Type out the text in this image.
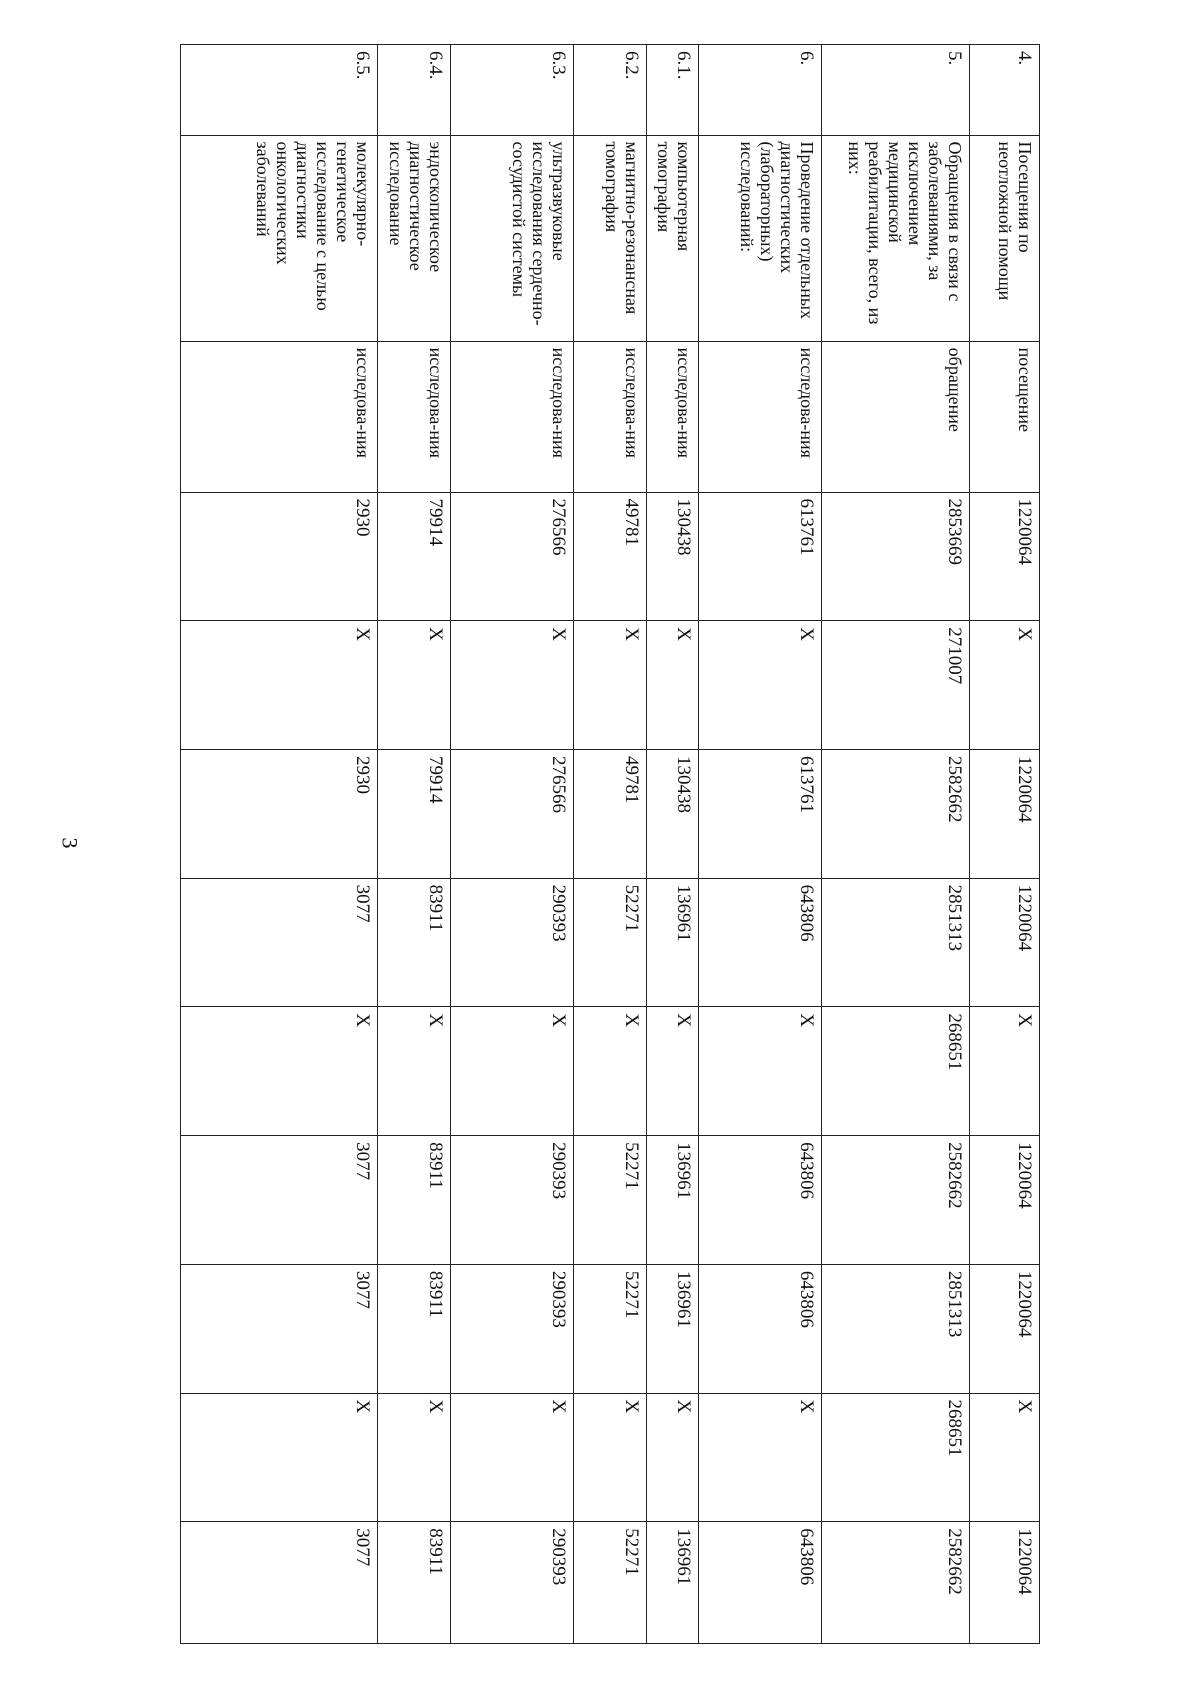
3
4.	Посещения по неотложной помощи	посещение	1220064	X	1220064	1220064	X	1220064	1220064	X	1220064
5.	Обращения в связи с заболеваниями, за исключением медицинской реабилитации, всего, из них:	обращение	2853669	271007	2582662	2851313	268651	2582662	2851313	268651	2582662
6.	Проведение отдельных диагностических (лабораторных) исследований:	исследова-ния	613761	X	613761	643806	X	643806	643806	X	643806
6.1.	компьютерная томография	исследова-ния	130438	X	130438	136961	X	136961	136961	X	136961
6.2.	магнитно-резонансная томография	исследова-ния	49781	X	49781	52271	X	52271	52271	X	52271
6.3.	ультразвуковые исследования сердечно-сосудистой системы	исследова-ния	276566	X	276566	290393	X	290393	290393	X	290393
6.4.	эндоскопическое диагностическое исследование	исследова-ния	79914	X	79914	83911	X	83911	83911	X	83911
6.5.	молекулярно-генетическое исследование с целью диагностики онкологических заболеваний	исследова-ния	2930	X	2930	3077	X	3077	3077	X	3077
